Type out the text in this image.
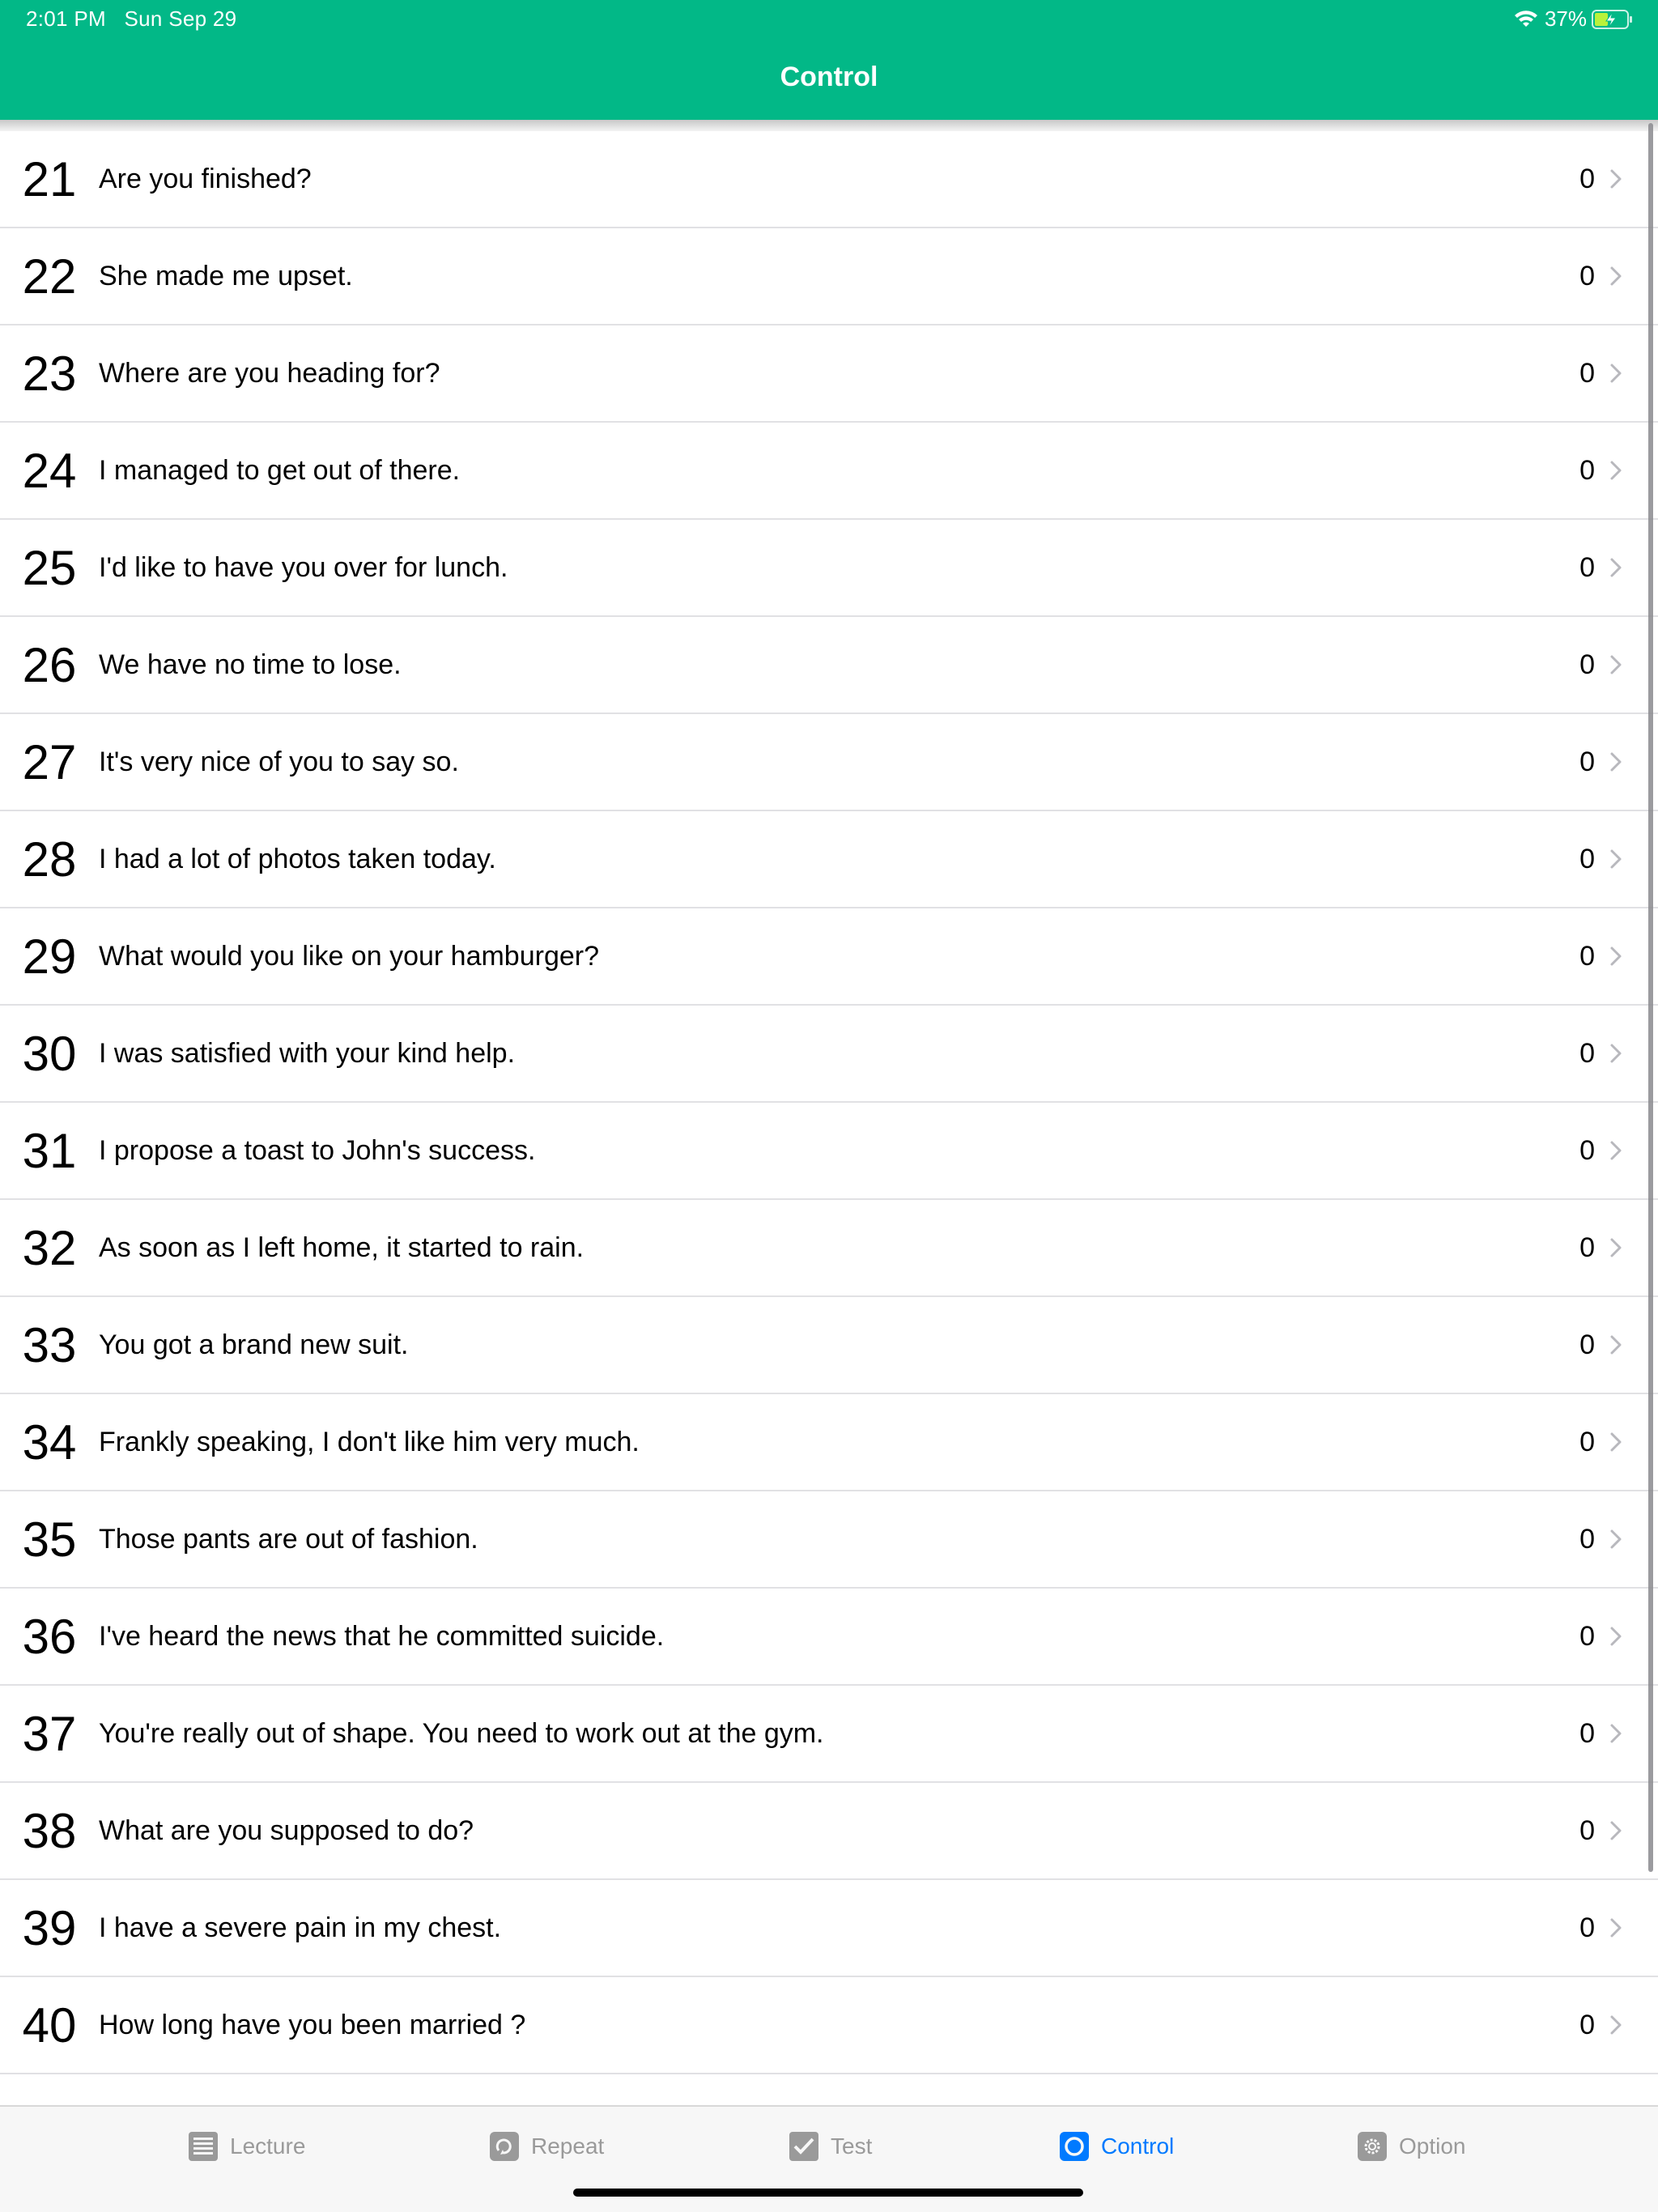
2:01 PM Sun Sep 29	37%
Control
21 Are you finished?	0
22 She made me upset.	0
23 Where are you heading for?	0
24 I managed to get out of there.	0
25 I'd like to have you over for lunch.	0
26 We have no time to lose.	0
27 It's very nice of you to say so.	0
28 I had a lot of photos taken today.	0
29 What would you like on your hamburger?	0
30 I was satisfied with your kind help.	0
31 I propose a toast to John's success.	0
32 As soon as I left home, it started to rain.	0
33 You got a brand new suit.	0
34 Frankly speaking, I don't like him very much.	0
35 Those pants are out of fashion.	0
36 I've heard the news that he committed suicide.	0
37 You're really out of shape. You need to work out at the gym.	0
38 What are you supposed to do?	0
39 I have a severe pain in my chest.	0
40 How long have you been married ?	0
Lecture	Repeat	Test	Control	Option
